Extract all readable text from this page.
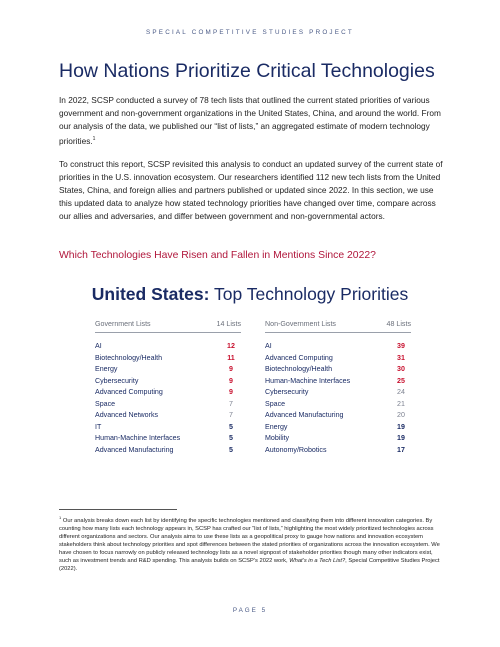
SPECIAL COMPETITIVE STUDIES PROJECT
How Nations Prioritize Critical Technologies
In 2022, SCSP conducted a survey of 78 tech lists that outlined the current stated priorities of various government and non-government organizations in the United States, China, and around the world. From our analysis of the data, we published our “list of lists,” an aggregated estimate of modern technology priorities.$^1$
To construct this report, SCSP revisited this analysis to conduct an updated survey of the current state of priorities in the U.S. innovation ecosystem. Our researchers identified 112 new tech lists from the United States, China, and foreign allies and partners published or updated since 2022. In this section, we use this updated data to analyze how stated technology priorities have changed over time, compare across our allies and adversaries, and differ between government and non-governmental actors.
Which Technologies Have Risen and Fallen in Mentions Since 2022?
United States: Top Technology Priorities
Government Lists	14 Lists
AI	12
Biotechnology/Health	11
Energy	9
Cybersecurity	9
Advanced Computing	9
Space	7
Advanced Networks	7
IT	5
Human-Machine Interfaces	5
Advanced Manufacturing	5
Non-Government Lists	48 Lists
AI	39
Advanced Computing	31
Biotechnology/Health	30
Human-Machine Interfaces	25
Cybersecurity	24
Space	21
Advanced Manufacturing	20
Energy	19
Mobility	19
Autonomy/Robotics	17
$^1$ Our analysis breaks down each list by identifying the specific technologies mentioned and classifying them into different innovation categories. By counting how many lists each technology appears in, SCSP has crafted our “list of lists,” highlighting the most widely prioritized technologies across different organizations and sectors. Our analysis aims to use these lists as a geopolitical proxy to gauge how nations and innovation ecosystem stakeholders think about technology priorities and spot differences between the stated priorities of organizations across the innovation ecosystem. We have chosen to focus narrowly on publicly released technology lists as a novel signpost of stakeholder priorities though many other indicators exist, such as investment trends and R&D spending. This analysis builds on SCSP’s 2022 work, What’s in a Tech List?, Special Competitive Studies Project (2022).
PAGE 5
